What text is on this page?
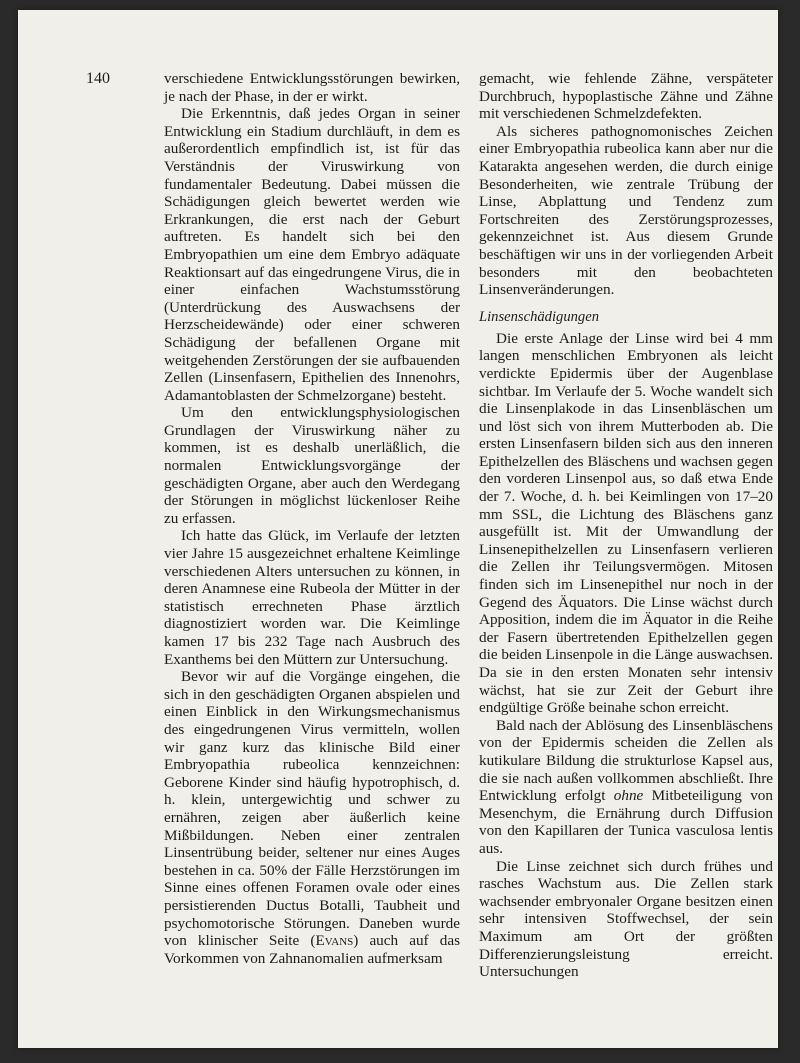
140	verschiedene Entwicklungsstörungen bewirken, je nach der Phase, in der er wirkt.

Die Erkenntnis, daß jedes Organ in seiner Entwicklung ein Stadium durchläuft, in dem es außerordentlich empfindlich ist, ist für das Verständnis der Viruswirkung von fundamentaler Bedeutung. Dabei müssen die Schädigungen gleich bewertet werden wie Erkrankungen, die erst nach der Geburt auftreten. Es handelt sich bei den Embryopathien um eine dem Embryo adäquate Reaktionsart auf das eingedrungene Virus, die in einer einfachen Wachstumsstörung (Unterdrückung des Auswachsens der Herzscheidewände) oder einer schweren Schädigung der befallenen Organe mit weitgehenden Zerstörungen der sie aufbauenden Zellen (Linsenfasern, Epithelien des Innenohrs, Adamantoblasten der Schmelzorgane) besteht.

Um den entwicklungsphysiologischen Grundlagen der Viruswirkung näher zu kommen, ist es deshalb unerläßlich, die normalen Entwicklungsvorgänge der geschädigten Organe, aber auch den Werdegang der Störungen in möglichst lückenloser Reihe zu erfassen.

Ich hatte das Glück, im Verlaufe der letzten vier Jahre 15 ausgezeichnet erhaltene Keimlinge verschiedenen Alters untersuchen zu können, in deren Anamnese eine Rubeola der Mütter in der statistisch errechneten Phase ärztlich diagnostiziert worden war. Die Keimlinge kamen 17 bis 232 Tage nach Ausbruch des Exanthems bei den Müttern zur Untersuchung.

Bevor wir auf die Vorgänge eingehen, die sich in den geschädigten Organen abspielen und einen Einblick in den Wirkungsmechanismus des eingedrungenen Virus vermitteln, wollen wir ganz kurz das klinische Bild einer Embryopathia rubeolica kennzeichnen: Geborene Kinder sind häufig hypotrophisch, d. h. klein, untergewichtig und schwer zu ernähren, zeigen aber äußerlich keine Mißbildungen. Neben einer zentralen Linsentrübung beider, seltener nur eines Auges bestehen in ca. 50% der Fälle Herzstörungen im Sinne eines offenen Foramen ovale oder eines persistierenden Ductus Botalli, Taubheit und psychomotorische Störungen. Daneben wurde von klinischer Seite (Evans) auch auf das Vorkommen von Zahnanomalien aufmerksam

gemacht, wie fehlende Zähne, verspäteter Durchbruch, hypoplastische Zähne und Zähne mit verschiedenen Schmelzdefekten.

Als sicheres pathognomonisches Zeichen einer Embryopathia rubeolica kann aber nur die Katarakta angesehen werden, die durch einige Besonderheiten, wie zentrale Trübung der Linse, Abplattung und Tendenz zum Fortschreiten des Zerstörungsprozesses, gekennzeichnet ist. Aus diesem Grunde beschäftigen wir uns in der vorliegenden Arbeit besonders mit den beobachteten Linsenveränderungen.

Linsenschädigungen

Die erste Anlage der Linse wird bei 4 mm langen menschlichen Embryonen als leicht verdickte Epidermis über der Augenblase sichtbar. Im Verlaufe der 5. Woche wandelt sich die Linsenplakode in das Linsenbläschen um und löst sich von ihrem Mutterboden ab. Die ersten Linsenfasern bilden sich aus den inneren Epithelzellen des Bläschens und wachsen gegen den vorderen Linsenpol aus, so daß etwa Ende der 7. Woche, d. h. bei Keimlingen von 17–20 mm SSL, die Lichtung des Bläschens ganz ausgefüllt ist. Mit der Umwandlung der Linsenepithelzellen zu Linsenfasern verlieren die Zellen ihr Teilungsvermögen. Mitosen finden sich im Linsenepithel nur noch in der Gegend des Äquators. Die Linse wächst durch Apposition, indem die im Äquator in die Reihe der Fasern übertretenden Epithelzellen gegen die beiden Linsenpole in die Länge auswachsen. Da sie in den ersten Monaten sehr intensiv wächst, hat sie zur Zeit der Geburt ihre endgültige Größe beinahe schon erreicht.

Bald nach der Ablösung des Linsenbläschens von der Epidermis scheiden die Zellen als kutikulare Bildung die strukturlose Kapsel aus, die sie nach außen vollkommen abschließt. Ihre Entwicklung erfolgt ohne Mitbeteiligung von Mesenchym, die Ernährung durch Diffusion von den Kapillaren der Tunica vasculosa lentis aus.

Die Linse zeichnet sich durch frühes und rasches Wachstum aus. Die Zellen stark wachsender embryonaler Organe besitzen einen sehr intensiven Stoffwechsel, der sein Maximum am Ort der größten Differenzierungsleistung erreicht. Untersuchungen
